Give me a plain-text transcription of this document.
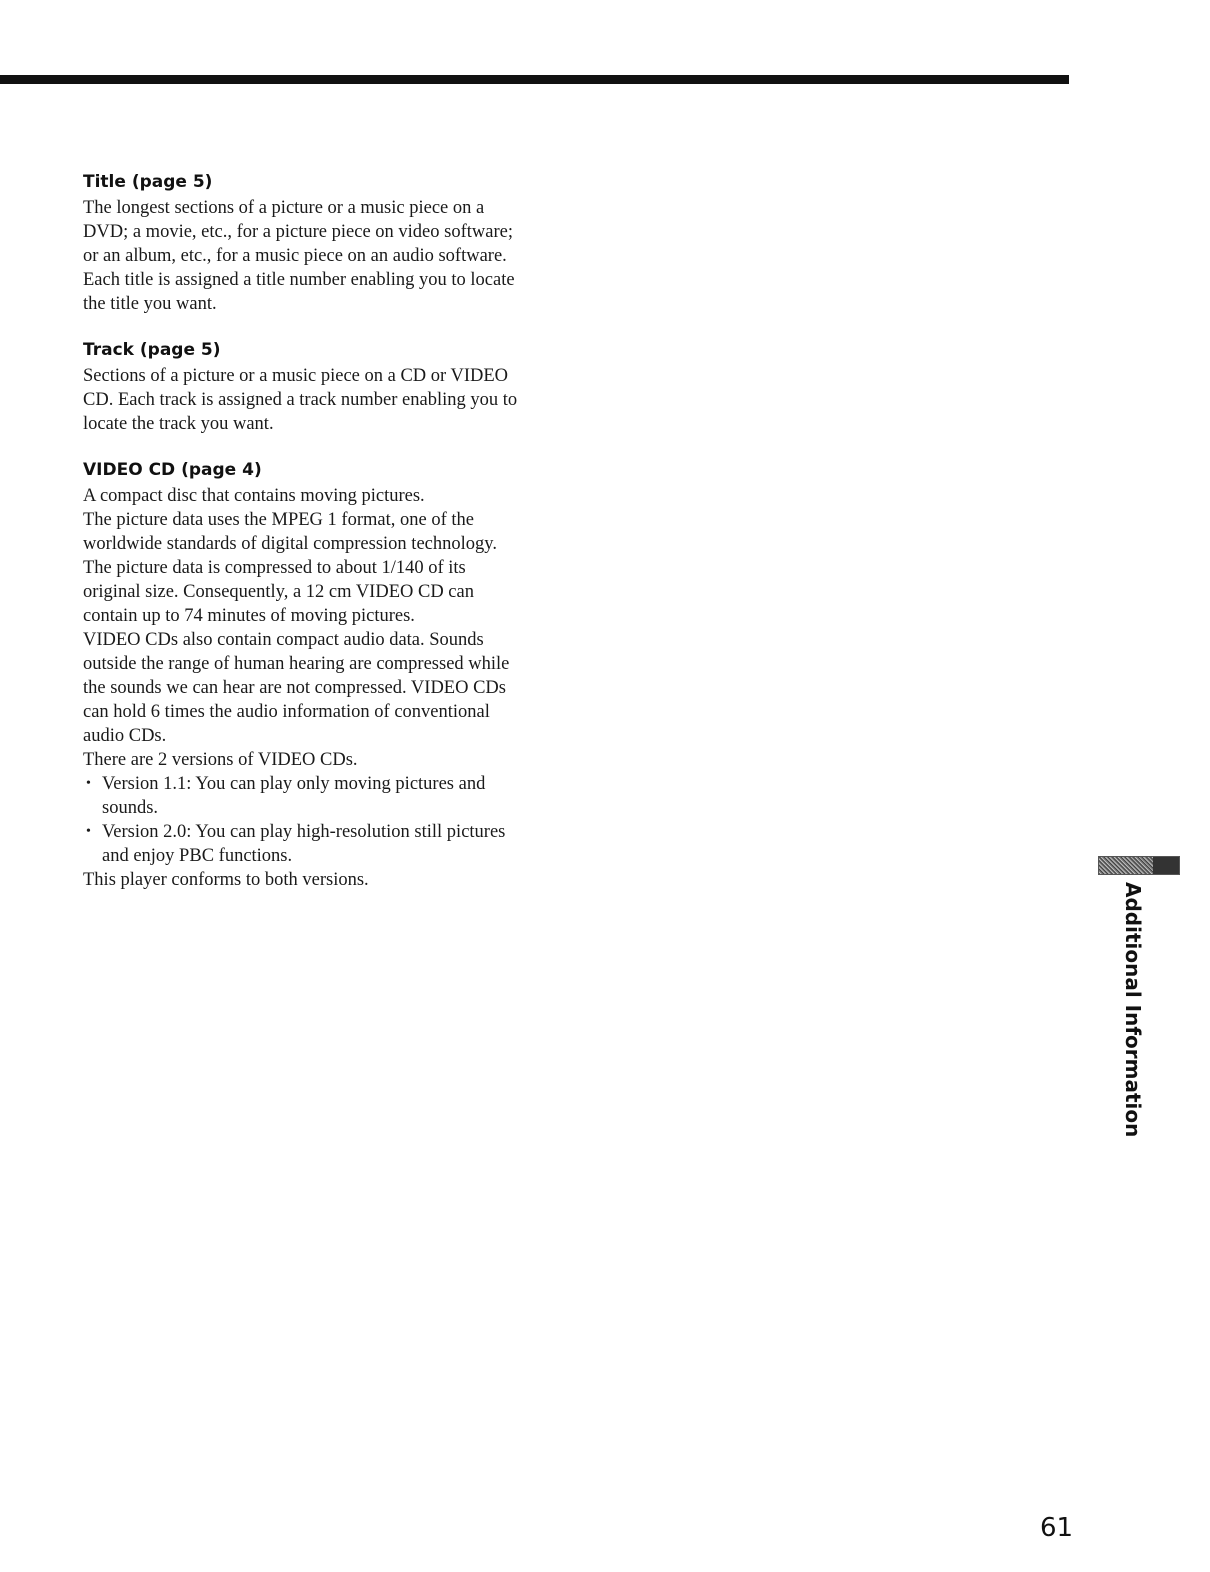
Title (page 5)

The longest sections of a picture or a music piece on a

DVD; a movie, etc., for a picture piece on video software;

or an album, etc., for a music piece on an audio software.

Each title is assigned a title number enabling you to locate

the title you want.

Track (page 5)

Sections of a picture or a music piece on a CD or VIDEO

CD. Each track is assigned a track number enabling you to

locate the track you want.

VIDEO CD (page 4)

A compact disc that contains moving pictures.

The picture data uses the MPEG 1 format, one of the

worldwide standards of digital compression technology.

The picture data is compressed to about 1/140 of its

original size. Consequently, a 12 cm VIDEO CD can

contain up to 74 minutes of moving pictures.

VIDEO CDs also contain compact audio data. Sounds

outside the range of human hearing are compressed while

the sounds we can hear are not compressed. VIDEO CDs

can hold 6 times the audio information of conventional

audio CDs.

There are 2 versions of VIDEO CDs.

• Version 1.1: You can play only moving pictures and
sounds.
• Version 2.0: You can play high-resolution still pictures
and enjoy PBC functions.

This player conforms to both versions.

Additional Information
61
